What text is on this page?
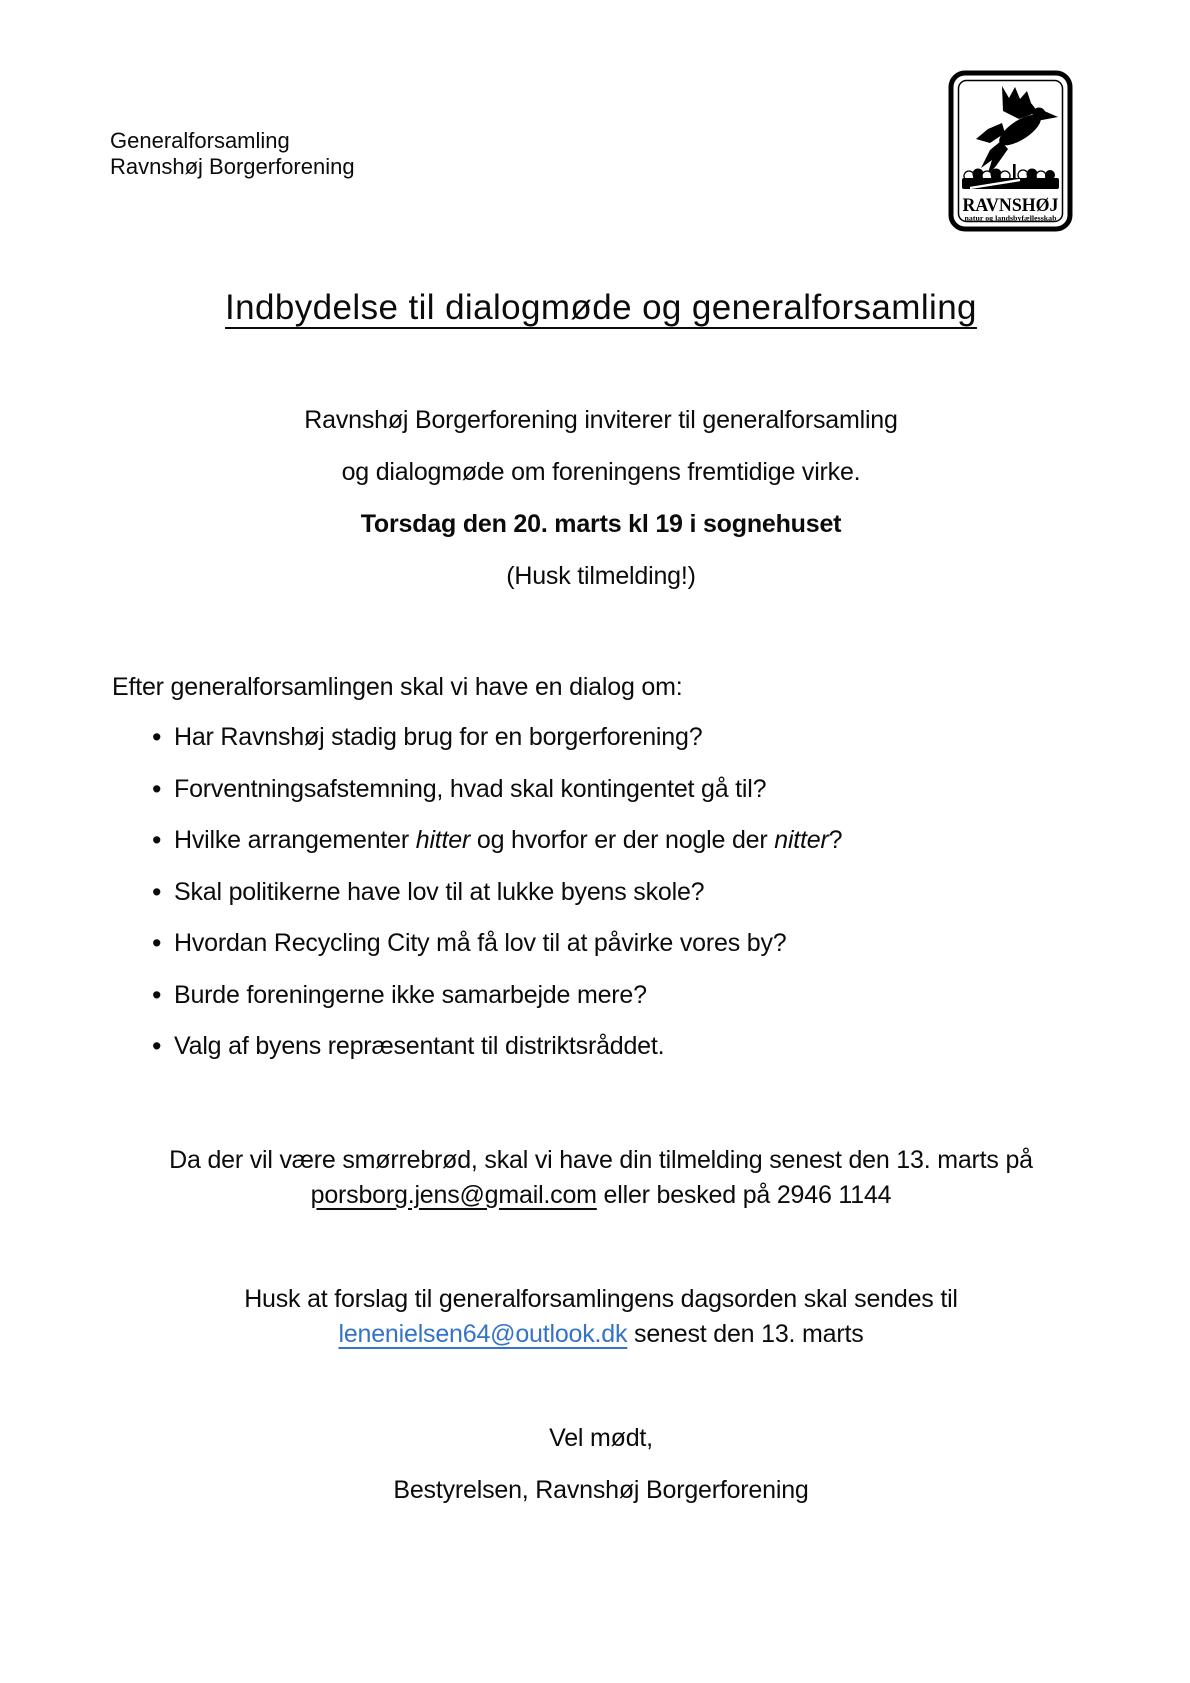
Generalforsamling
Ravnshøj Borgerforening
RAVNSHØJ
natur og landsbyfællesskab
Indbydelse til dialogmøde og generalforsamling
Ravnshøj Borgerforening inviterer til generalforsamling
og dialogmøde om foreningens fremtidige virke.
Torsdag den 20. marts kl 19 i sognehuset
(Husk tilmelding!)
Efter generalforsamlingen skal vi have en dialog om:
• Har Ravnshøj stadig brug for en borgerforening?
• Forventningsafstemning, hvad skal kontingentet gå til?
• Hvilke arrangementer hitter og hvorfor er der nogle der nitter?
• Skal politikerne have lov til at lukke byens skole?
• Hvordan Recycling City må få lov til at påvirke vores by?
• Burde foreningerne ikke samarbejde mere?
• Valg af byens repræsentant til distriktsråddet.
Da der vil være smørrebrød, skal vi have din tilmelding senest den 13. marts på
porsborg.jens@gmail.com eller besked på 2946 1144
Husk at forslag til generalforsamlingens dagsorden skal sendes til
lenenielsen64@outlook.dk senest den 13. marts
Vel mødt,
Bestyrelsen, Ravnshøj Borgerforening
